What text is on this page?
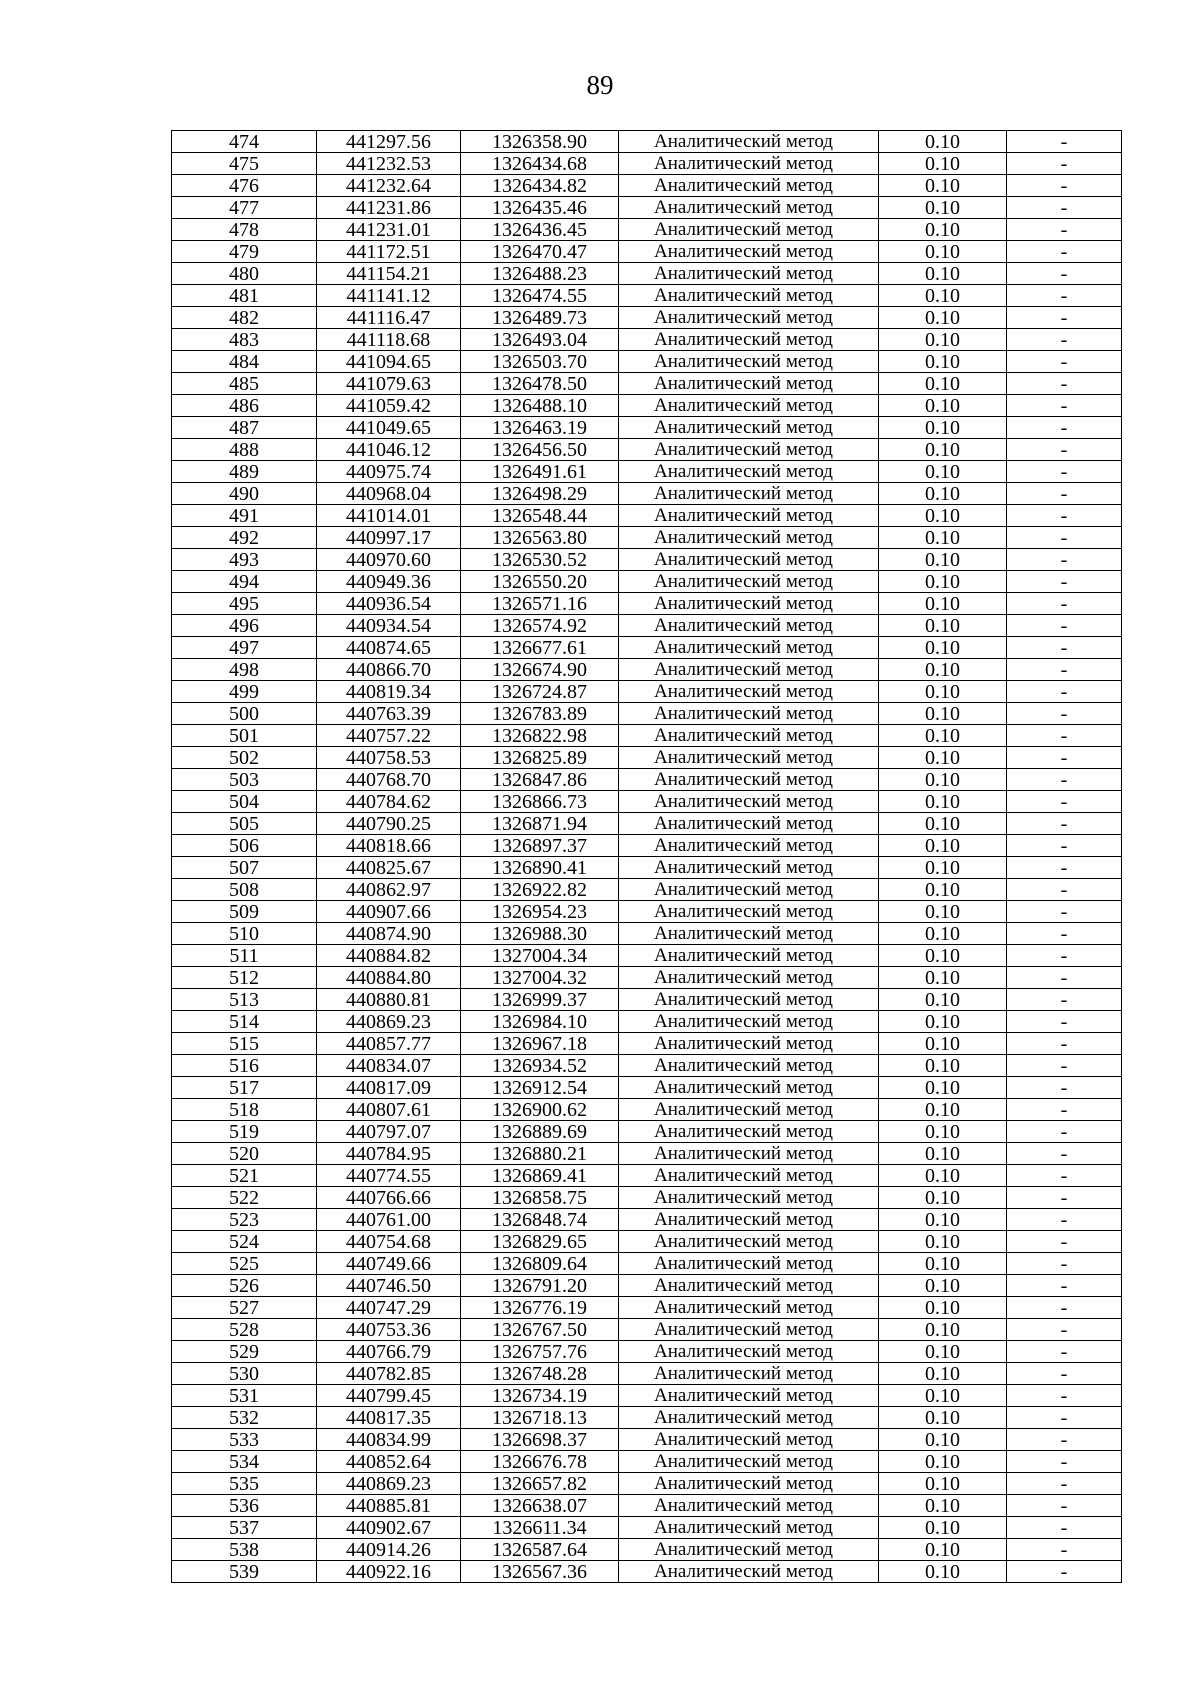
89
474	441297.56	1326358.90	Аналитический метод	0.10	-
475	441232.53	1326434.68	Аналитический метод	0.10	-
476	441232.64	1326434.82	Аналитический метод	0.10	-
477	441231.86	1326435.46	Аналитический метод	0.10	-
478	441231.01	1326436.45	Аналитический метод	0.10	-
479	441172.51	1326470.47	Аналитический метод	0.10	-
480	441154.21	1326488.23	Аналитический метод	0.10	-
481	441141.12	1326474.55	Аналитический метод	0.10	-
482	441116.47	1326489.73	Аналитический метод	0.10	-
483	441118.68	1326493.04	Аналитический метод	0.10	-
484	441094.65	1326503.70	Аналитический метод	0.10	-
485	441079.63	1326478.50	Аналитический метод	0.10	-
486	441059.42	1326488.10	Аналитический метод	0.10	-
487	441049.65	1326463.19	Аналитический метод	0.10	-
488	441046.12	1326456.50	Аналитический метод	0.10	-
489	440975.74	1326491.61	Аналитический метод	0.10	-
490	440968.04	1326498.29	Аналитический метод	0.10	-
491	441014.01	1326548.44	Аналитический метод	0.10	-
492	440997.17	1326563.80	Аналитический метод	0.10	-
493	440970.60	1326530.52	Аналитический метод	0.10	-
494	440949.36	1326550.20	Аналитический метод	0.10	-
495	440936.54	1326571.16	Аналитический метод	0.10	-
496	440934.54	1326574.92	Аналитический метод	0.10	-
497	440874.65	1326677.61	Аналитический метод	0.10	-
498	440866.70	1326674.90	Аналитический метод	0.10	-
499	440819.34	1326724.87	Аналитический метод	0.10	-
500	440763.39	1326783.89	Аналитический метод	0.10	-
501	440757.22	1326822.98	Аналитический метод	0.10	-
502	440758.53	1326825.89	Аналитический метод	0.10	-
503	440768.70	1326847.86	Аналитический метод	0.10	-
504	440784.62	1326866.73	Аналитический метод	0.10	-
505	440790.25	1326871.94	Аналитический метод	0.10	-
506	440818.66	1326897.37	Аналитический метод	0.10	-
507	440825.67	1326890.41	Аналитический метод	0.10	-
508	440862.97	1326922.82	Аналитический метод	0.10	-
509	440907.66	1326954.23	Аналитический метод	0.10	-
510	440874.90	1326988.30	Аналитический метод	0.10	-
511	440884.82	1327004.34	Аналитический метод	0.10	-
512	440884.80	1327004.32	Аналитический метод	0.10	-
513	440880.81	1326999.37	Аналитический метод	0.10	-
514	440869.23	1326984.10	Аналитический метод	0.10	-
515	440857.77	1326967.18	Аналитический метод	0.10	-
516	440834.07	1326934.52	Аналитический метод	0.10	-
517	440817.09	1326912.54	Аналитический метод	0.10	-
518	440807.61	1326900.62	Аналитический метод	0.10	-
519	440797.07	1326889.69	Аналитический метод	0.10	-
520	440784.95	1326880.21	Аналитический метод	0.10	-
521	440774.55	1326869.41	Аналитический метод	0.10	-
522	440766.66	1326858.75	Аналитический метод	0.10	-
523	440761.00	1326848.74	Аналитический метод	0.10	-
524	440754.68	1326829.65	Аналитический метод	0.10	-
525	440749.66	1326809.64	Аналитический метод	0.10	-
526	440746.50	1326791.20	Аналитический метод	0.10	-
527	440747.29	1326776.19	Аналитический метод	0.10	-
528	440753.36	1326767.50	Аналитический метод	0.10	-
529	440766.79	1326757.76	Аналитический метод	0.10	-
530	440782.85	1326748.28	Аналитический метод	0.10	-
531	440799.45	1326734.19	Аналитический метод	0.10	-
532	440817.35	1326718.13	Аналитический метод	0.10	-
533	440834.99	1326698.37	Аналитический метод	0.10	-
534	440852.64	1326676.78	Аналитический метод	0.10	-
535	440869.23	1326657.82	Аналитический метод	0.10	-
536	440885.81	1326638.07	Аналитический метод	0.10	-
537	440902.67	1326611.34	Аналитический метод	0.10	-
538	440914.26	1326587.64	Аналитический метод	0.10	-
539	440922.16	1326567.36	Аналитический метод	0.10	-
